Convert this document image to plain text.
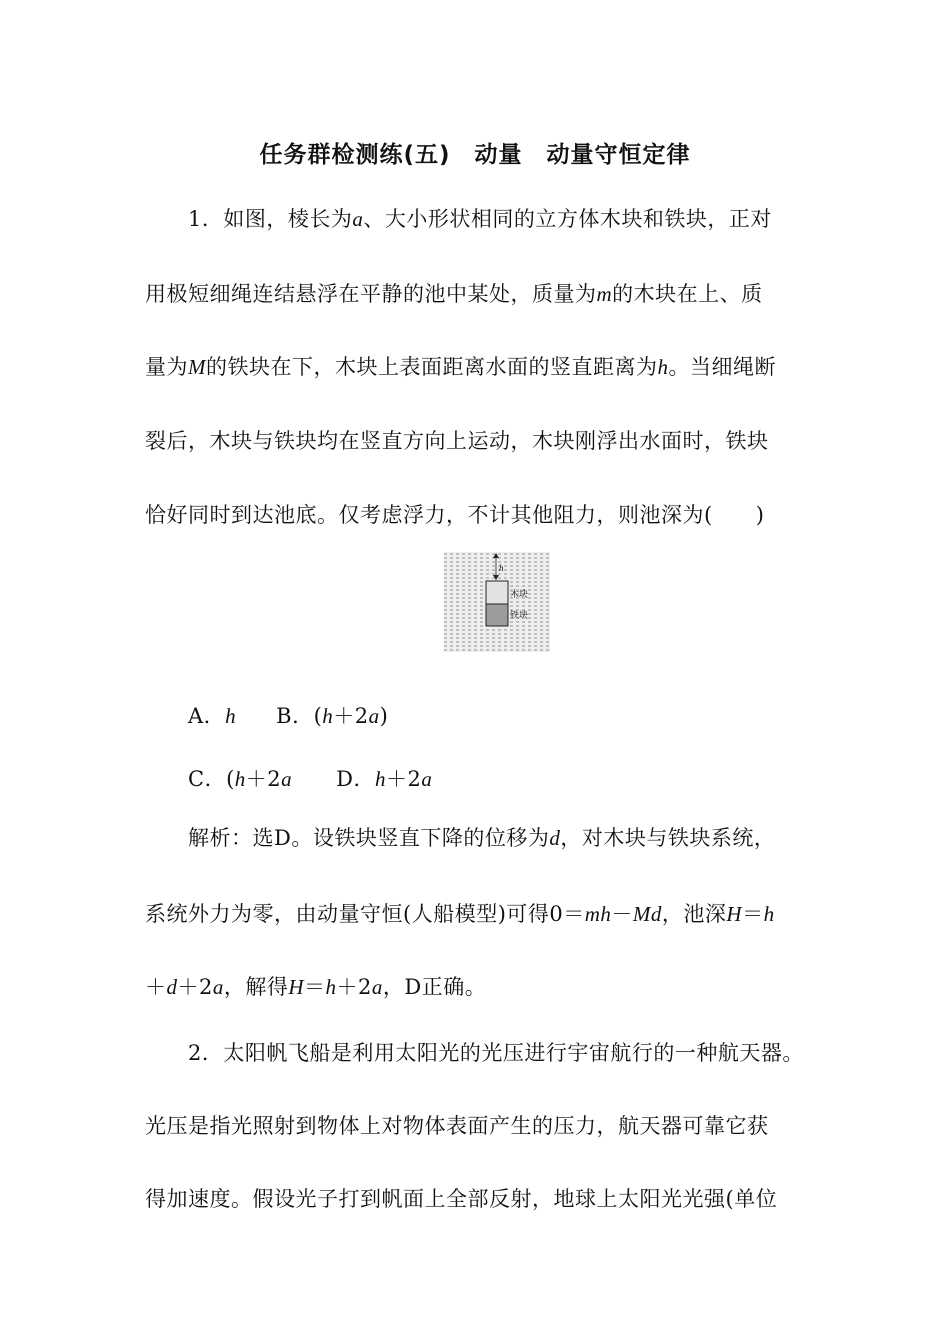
任务群检测练(五)　动量　动量守恒定律
1．如图，棱长为a、大小形状相同的立方体木块和铁块，正对
用极短细绳连结悬浮在平静的池中某处，质量为m的木块在上、质
量为M的铁块在下，木块上表面距离水面的竖直距离为h。当细绳断
裂后，木块与铁块均在竖直方向上运动，木块刚浮出水面时，铁块
恰好同时到达池底。仅考虑浮力，不计其他阻力，则池深为(　　)
h
木块
铁块
A．h B．(h＋2a)
C．(h＋2a D．h＋2a
解析：选D。设铁块竖直下降的位移为d，对木块与铁块系统，
系统外力为零，由动量守恒(人船模型)可得0＝mh－Md，池深H＝h
＋d＋2a，解得H＝h＋2a，D正确。
2．太阳帆飞船是利用太阳光的光压进行宇宙航行的一种航天器。
光压是指光照射到物体上对物体表面产生的压力，航天器可靠它获
得加速度。假设光子打到帆面上全部反射，地球上太阳光光强(单位
